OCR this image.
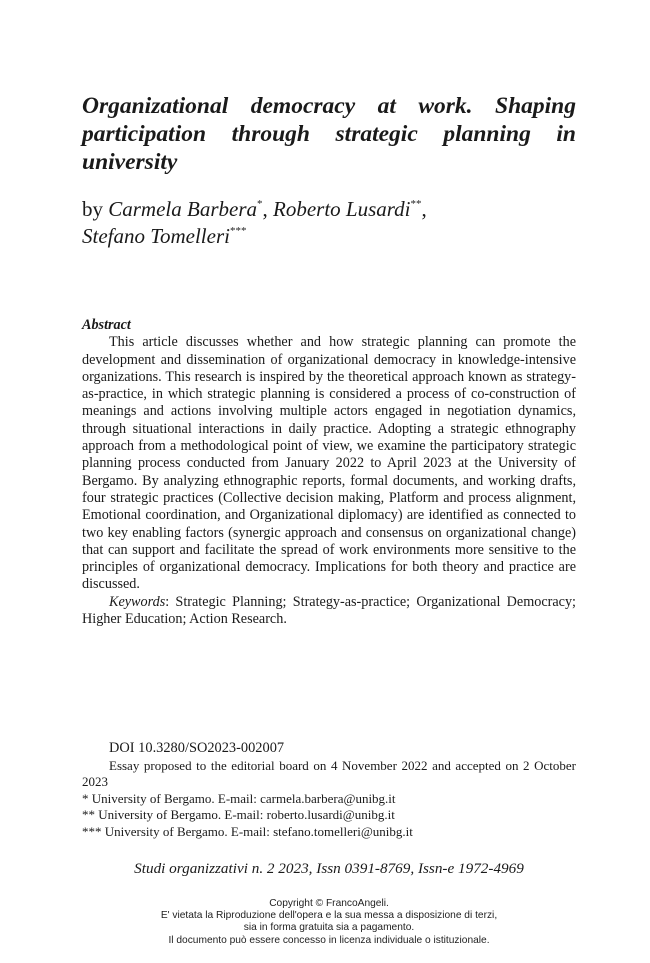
Organizational democracy at work. Shaping
participation through strategic planning in
university
by Carmela Barbera*, Roberto Lusardi**,
Stefano Tomelleri***

Abstract

This article discusses whether and how strategic planning can promote the development and dissemination of organizational democracy in knowledge-intensive organizations. This research is inspired by the theoretical approach known as strategy-as-practice, in which strategic planning is considered a process of co-construction of meanings and actions involving multiple actors engaged in negotiation dynamics, through situational interactions in daily practice. Adopting a strategic ethnography approach from a methodological point of view, we examine the participatory strategic planning process conducted from January 2022 to April 2023 at the University of Bergamo. By analyzing ethnographic reports, formal documents, and working drafts, four strategic practices (Collective decision making, Platform and process alignment, Emotional coordination, and Organizational diplomacy) are identified as connected to two key enabling factors (synergic approach and consensus on organizational change) that can support and facilitate the spread of work environments more sensitive to the principles of organizational democracy. Implications for both theory and practice are discussed.

Keywords: Strategic Planning; Strategy-as-practice; Organizational Democracy; Higher Education; Action Research.

DOI 10.3280/SO2023-002007

Essay proposed to the editorial board on 4 November 2022 and accepted on 2 October 2023

* University of Bergamo. E-mail: carmela.barbera@unibg.it

** University of Bergamo. E-mail: roberto.lusardi@unibg.it

*** University of Bergamo. E-mail: stefano.tomelleri@unibg.it

Studi organizzativi n. 2 2023, Issn 0391-8769, Issn-e 1972-4969
Copyright © FrancoAngeli.
E' vietata la Riproduzione dell'opera e la sua messa a disposizione di terzi,
sia in forma gratuita sia a pagamento.
Il documento può essere concesso in licenza individuale o istituzionale.
